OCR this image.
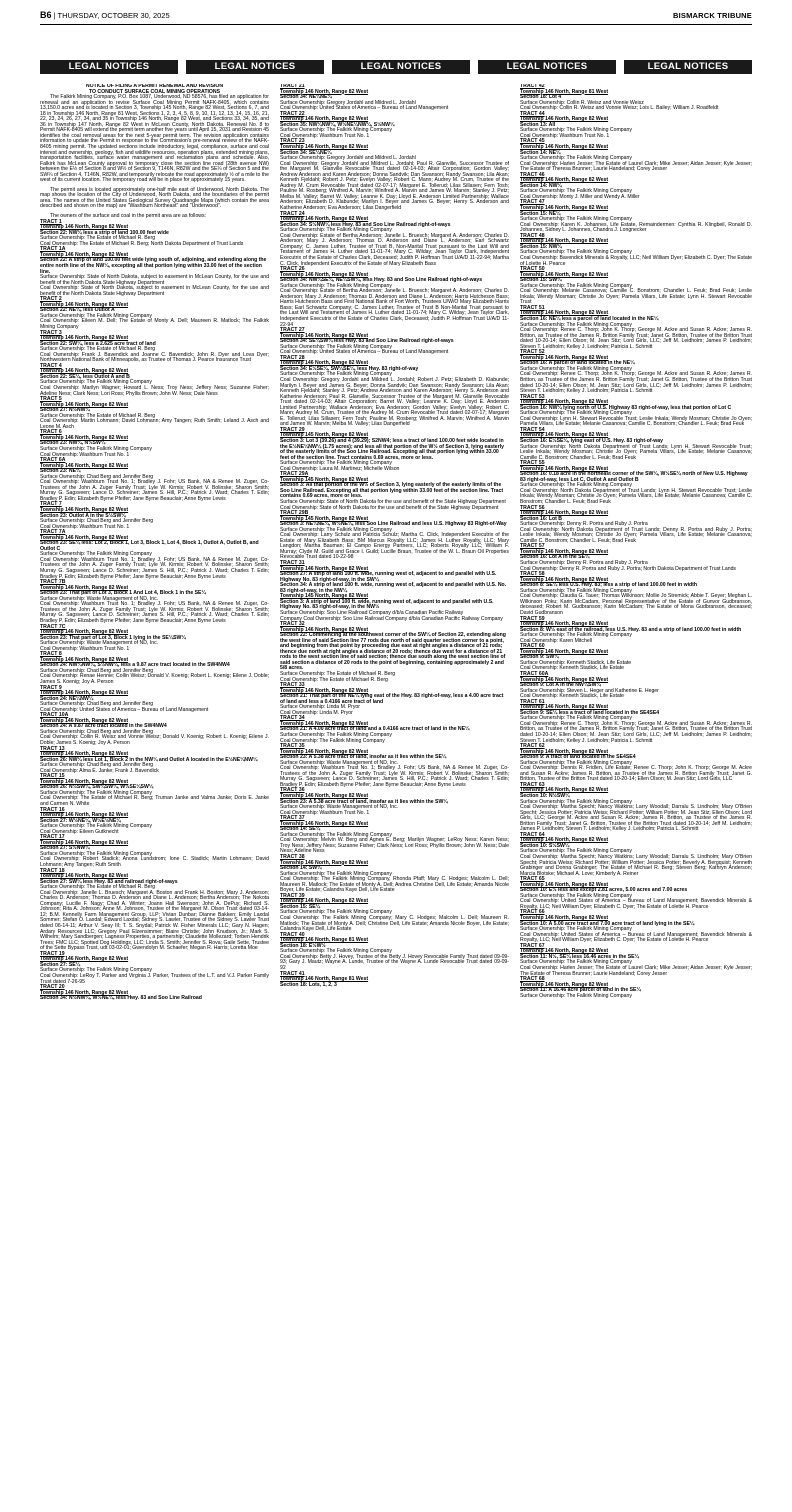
B6 | THURSDAY, OCTOBER 30, 2025	BISMARCK TRIBUNE
LEGAL NOTICES	LEGAL NOTICES	LEGAL NOTICES	LEGAL NOTICES	LEGAL NOTICES

NOTICE OF FILING A PERMIT RENEWAL AND REVISION

TO CONDUCT SURFACE COAL MINING OPERATIONS

The Falkirk Mining Company, P.O. Box 1087, Underwood, ND 58576, has filed an application for renewal and an application to revise Surface Coal Mining Permit NAFK-8405, which contains 13,150.0 acres and is located in Section 3, Township 145 North, Range 82 West, Sections 6, 7, and 18 in Township 146 North, Range 81 West, Sections 1, 2, 3, 4, 5, 8, 9, 10, 11, 12, 13, 14, 15, 16, 21, 22, 23, 24, 26, 27, 34, and 35 in Township 146 North, Range 82 West, and Sections 33, 34, 35, and 36 in Township 147 North, Range 82 West in McLean County, North Dakota. Renewal No. 8 to Permit NAFK-8405 will extend the permit term another five years until April 15, 2031 and Revision 45 identifies the coal removal areas for the next 5-year permit term. The revision application contains information to update the Permit in response to the Commission's pre-renewal review of the NAFK-8405 mining permit. The updated sections include introductory, legal, compliance, surface and coal interest and ownership, geology, fish and wildlife resources, operation plans, extended mining plans, transportation facilities, surface water management and reclamation plans and schedule. Also, Falkirk has McLean County approval to temporary close the section line road (28th avenue NW) between the E½ of Section 8 and W½ of Section 9, T146N, R82W and the SE¼ of Section 5 and the SW¼ of Section 4, T146N, R82W, and temporarily relocate the road approximately ½ of a mile to the west of its current location. The temporary road will be in place for approximately 15 years.

The permit area is located approximately one-half mile east of Underwood, North Dakota. The map shows the location of the City of Underwood, North Dakota, and the boundaries of the permit area. The names of the United States Geological Survey Quadrangle Maps (which contain the area described and shown on the map) are "Washburn Northeast" and "Underwood".

The owners of the surface and coal in the permit area are as follows:

TRACT 1

Township 146 North, Range 82 West

Section 22: NW¼ less a strip of land 100.00 feet wide

Surface Ownership: The Estate of Michael R. Berg

Coal Ownership: The Estate of Michael R. Berg; North Dakota Department of Trust Lands

TRACT 1A

Township 146 North, Range 82 West

Section 22: A strip of land 100.00 feet wide lying south of, adjoining, and extending along the entire north line of the NW¼, excepting all that portion lying within 33.00 feet of the section line.

Surface Ownership: State of North Dakota, subject to easement in McLean County, for the use and benefit of the North Dakota State Highway Department

Coal Ownership: State of North Dakota, subject to easement in McLean County, for the use and benefit of the North Dakota State Highway Department

TRACT 2

Township 146 North, Range 82 West

Section 22: NE¼, less Outlot A

Surface Ownership: The Falkirk Mining Company

Coal Ownership: Eileen M. Dell; The Estate of Monty A. Dell; Maureen R. Matlock; The Falkirk Mining Company

TRACT 3

Township 146 North, Range 82 West

Section 22: SW¼, less a 2.625 acre tract of land

Surface Ownership: The Estate of Michael R. Berg

Coal Ownership: Frank J. Bavendick and Joanne C. Bavendick; John R. Dyer and Lova Dyer; Northwestern National Bank of Minneapolis, as Trustee of Thomas J. Pearce Insurance Trust

TRACT 4

Township 146 North, Range 82 West

Section 22: SE¼, less Outlot A and B

Surface Ownership: The Falkirk Mining Company

Coal Ownership: Marilyn Wagner; Howard L. Ness; Troy Ness; Jeffery Ness; Suzanne Fisher; Adeline Ness; Clark Ness; Lori Ross; Phyllis Brown; John W. Ness; Dale Ness

TRACT 5

Township 146 North, Range 82 West

Section 27: N½NW¼

Surface Ownership: The Estate of Michael R. Berg

Coal Ownership: Martin Lohmann; David Lohmann; Amy Tangen; Ruth Smith; Leland J. Asch and Leone M. Asch

TRACT 6

Township 146 North, Range 82 West

Section 23: NW¼, N½SW¼

Surface Ownership: The Falkirk Mining Company

Coal Ownership: Washburn Trust No. 1

TRACT 6A

Township 146 North, Range 82 West

Section 23: NE¼

Surface Ownership: Chad Berg and Jennifer Berg

Coal Ownership: Washburn Trust No. 1; Bradley J. Fohr; US Bank, NA & Renee M. Zuger, Co-Trustees of the John A. Zuger Family Trust; Lyle W. Kirmis; Robert V. Bolinske; Sharon Smith; Murray G. Sagsveen; Lance D. Schreiner; James S. Hill, P.C.; Patrick J. Ward; Charles T. Edin; Bradley P. Edin; Elizabeth Byrne Pfeifer; Jane Byrne Beauclair; Anne Byrne Lewis

TRACT 7

Township 146 North, Range 82 West

Section 23: Outlot A in the S½SW¼

Surface Ownership: Chad Berg and Jennifer Berg

Coal Ownership: Washburn Trust No. 1

TRACT 7A

Township 146 North, Range 82 West

Section 23: SE¼ less: Lot 2, Block 1, Lot 3, Block 1, Lot 4, Block 1, Outlot A, Outlot B, and Outlot C

Surface Ownership: The Falkirk Mining Company

Coal Ownership: Washburn Trust No. 1; Bradley J. Fohr; US Bank, NA & Renee M. Zuger, Co-Trustees of the John A. Zuger Family Trust; Lyle W. Kirmis; Robert V. Bolinske; Sharon Smith; Murray G. Sagsveen; Lance D. Schreiner; James S. Hill, P.C.; Patrick J. Ward; Charles T. Edin; Bradley P. Edin; Elizabeth Byrne Pfeifer; Jane Byrne Beauclair; Anne Byrne Lewis

TRACT 7B

Township 146 North, Range 82 West

Section 23: That part of Lot 3, Block 1 And Lot 4, Block 1 in the SE¼

Surface Ownership: Waste Management of ND, Inc.

Coal Ownership: Washburn Trust No. 1; Bradley J. Fohr; US Bank, NA & Renee M. Zuger, Co-Trustees of the John A. Zuger Family Trust; Lyle W. Kirmis; Robert V. Bolinske; Sharon Smith; Murray G. Sagsveen; Lance D. Schreiner; James S. Hill, P.C.; Patrick J. Ward; Charles T. Edin; Bradley P. Edin; Elizabeth Byrne Pfeifer; Jane Byrne Beauclair; Anne Byrne Lewis

TRACT 7C

Township 146 North, Range 82 West

Section 23: That part of Lot 3, Block 1 lying in the SE¼SW¼

Surface Ownership: Waste Management of ND, Inc.

Coal Ownership: Washburn Trust No. 1

TRACT 8

Township 146 North, Range 82 West

Section 24: NW¼NW¼, S½NW¼, less a 9.87 acre tract located in the SW4NW4

Surface Ownership: Chad Berg and Jennifer Berg

Coal Ownership: Renae Hennie; Collin Weisz; Donald V. Koenig; Robert L. Koenig; Eilene J. Doble; James S. Koenig; Joy A. Person

TRACT 9

Township 146 North, Range 82 West

Section 24: NE¼NW¼

Surface Ownership: Chad Berg and Jennifer Berg

Coal Ownership: United States of America – Bureau of Land Management

TRACT 10A

Township 146 North, Range 82 West

Section 24: A 9.87 acre tract located in the SW4NW4

Surface Ownership: Chad Berg and Jennifer Berg

Coal Ownership: Collin R. Weisz and Vonnie Weisz; Donald V. Koenig; Robert L. Koenig; Eilene J. Doble; James S. Koenig; Joy A. Person

TRACT 13

Township 146 North, Range 82 West

Section 26: NW¼ less Lot 1, Block 2 in the NW¼ and Outlot A located in the E½NE¼NW¼

Surface Ownership: Chad Berg and Jennifer Berg

Coal Ownership: Alma E. Janke; Frank J. Bavendick

TRACT 15

Township 146 North, Range 82 West

Section 26: N½SW¼, SW¼SW¼, W½SE¼SW¼

Surface Ownership: The Falkirk Mining Company

Coal Ownership: The Estate of Michael R. Berg; Truman Janke and Valma Janke; Doris E. Janke and Carmen N. White

TRACT 16

Township 146 North, Range 82 West

Section 27: W½NE¼, W½E½NE¼

Surface Ownership: The Falkirk Mining Company

Coal Ownership: Eileen Gutknecht

TRACT 17

Township 146 North, Range 82 West

Section 27: S½NW¼

Surface Ownership: The Falkirk Mining Company

Coal Ownership: Robert Stadick; Anona Lundstrom; Ione C. Stadick; Martin Lohmann; David Lohmann; Amy Tangen; Ruth Smith

TRACT 18

Township 146 North, Range 82 West

Section 27: SW¼ less Hwy. 83 and railroad right-of-ways

Surface Ownership: The Estate of Michael R. Berg

Coal Ownership: Janelle L. Bruesch; Margaret A. Boston and Frank H. Boston; Mary J. Anderson; Charles D. Anderson; Thomas D. Anderson and Diane L. Anderson; Bertha Anderson; The Nokota Company; Lucille F. Nagy; Chad A. Winter; Joann Hall Swenson; John A. DePuy; Richard S. Johnson; Rita A. Johnson; Anne M. Johnson, Trustee of the Margaret M. Olson Trust dated 03-14-12; B.M. Kennelly Farm Management Group, LLP; Vivian Dunbar; Dianne Bakken; Emily Laxdal Sommer; Stefan O. Laxdal; Edward Laxdal; Sidney S. Lawler, Trustee of the Sidney S. Lawler Trust dated 06-14-11; Arthur V. Seay III; T. S. Snydal; Patrick W. Fisher Minerals LLC; Gary N. Hagen; Ardary Resources LLC; Gregory Paul Elzensimmer; Blaire Christie; John Knudson, Jr.; Mark S. Wilhelm; Mary Sandbergen; Lagness Properties, a partnership; Claudette Mollezard; Torben Hendrik Trees; FMC LLC; Spotted Dog Holdings, LLC; Linda S. Smith; Jennifer S. Rova; Gaile Sette, Trustee of the Sette Bypass Trust, udt 03-02-01; Gwendolyn M. Schaefer; Megan R. Harris; Loretta Moe

TRACT 19

Township 146 North, Range 82 West

Section 27: SE¼

Surface Ownership: The Falkirk Mining Company

Coal Ownership: LeRoy T. Parker and Virginia J. Parker, Trustees of the L.T. and V.J. Parker Family Trust dated 7-26-95

TRACT 20

Township 146 North, Range 82 West

Section 34: N½NW¼, W½NE¼, less Hwy. 83 and Soo Line Railroad

TRACT 21

Township 146 North, Range 82 West

Section 34: NE¼NE¼

Surface Ownership: Gregory Jordahl and Mildred L. Jordahl

Coal Ownership: United States of America – Bureau of Land Management

TRACT 22

Township 146 North, Range 82 West

Section 35: NW¼NW¼, W½NE¼NW¼, S½NW¼

Surface Ownership: The Falkirk Mining Company

Coal Ownership: Washburn Trust No. 1

TRACT 23

Township 146 North, Range 82 West

Section 34: SE¼NE¼

Surface Ownership: Gregory Jordahl and Mildred L. Jordahl

Coal Ownership: Gregory Jordahl and Mildred L. Jordahl; Paul R. Glanville, Successor Trustee of the Margaret M. Glanville Revocable Trust dated 02-14-03; Altair Corporation; Gordon Valley; Andrew Anderson and Karen Anderson; Donna Sandvik; Dan Swanson; Randy Swanson; Lila Akan; Kenneth Fjeldahl; Robert J. Petz; Evelyn Valley; Robert C. Mann; Audrey M. Crum, Trustee of the Audrey M. Crum Revocable Trust dated 02-07-17; Margaret E. Tollerud; Lilas Sillasen; Fern Tosh; Pauline M. Rosberg; Winifred A. Marvin; Winifred A. Marvin and James W. Marvin; Stanley J. Petz; Melba M. Valley; Barret W. Valley; Leanne K. Day; Lloyd E. Anderson Limited Partnership; Wallace Anderson; Elizabeth D. Klabunde; Marilyn I. Beyer and James G. Beyer; Henry S. Anderson and Katherine Anderson; Eva Anderson; Lilas Dangerfield

TRACT 24

Township 146 North, Range 82 West

Section 34: S½NW¼ less Hwy. 83 and Soo Line Railroad right-of-ways

Surface Ownership: The Falkirk Mining Company

Coal Ownership: Estate of Bertha Anderson; Janelle L. Bruesch; Margaret A. Anderson; Charles D. Anderson; Mary J. Anderson; Thomas D. Anderson and Diane L. Anderson; Earl Schwartz Company; C. James Luther, Trustee of Trust B, Non-Marital Trust pursuant to the Last Will and Testament of James H. Luther dated 11-01-74; Mary C. Wilday; Jean Taylor Clark, Independent Executrix of the Estate of Charles Clark, Deceased; Judith P. Hoffman Trust U/A/D 11-22-94; Martha C. Click, Independent Executrix of the Estate of Mary Elizabeth Bass

TRACT 26

Township 146 North, Range 82 West

Section 34: NW¼SE¼, NE¼SW¼, less Hwy. 83 and Soo Line Railroad right-of-ways

Surface Ownership: The Falkirk Mining Company

Coal Ownership: Estate of Bertha Anderson; Janelle L. Bruesch; Margaret A. Anderson; Charles D. Anderson; Mary J. Anderson; Thomas D. Anderson and Diane L. Anderson; Harris Hutcheson Bass; Harris Hutcheson Bass and First National Bank of Fort Worth, Trustees U/W/O Mary Elizabeth Harris Bass; Earl Schwartz Company; C. James Luther, Trustee of Trust B Non-Marital Trust pursuant to the Last Will and Testament of James H. Luther dated 11-01-74; Mary C. Wilday; Jean Taylor Clark, Independent Executrix of the Estate of Charles Clark, Deceased; Judith P. Hoffman Trust U/A/D 11-22-94

TRACT 27

Township 146 North, Range 82 West

Section 34: SE¼SW¼ less Hwy. 83 and Soo Line Railroad right-of-ways

Surface Ownership: The Falkirk Mining Company

Coal Ownership: United States of America – Bureau of Land Management

TRACT 28

Township 146 North, Range 82 West

Section 34: E½SE¼, SW¼SE¼, less Hwy. 83 right-of-way

Surface Ownership: The Falkirk Mining Company

Coal Ownership: Gregory Jordahl and Mildred L. Jordahl; Robert J. Petz; Elizabeth D. Klabunde; Marilyn I. Beyer and James G. Beyer; Donna Sandvik; Dan Swanson; Randy Swanson; Lila Akan; Kenneth Fjeldahl; Stanley J. Petz; Andrew Anderson and Karen Anderson; Henry S. Anderson and Katherine Anderson; Paul R. Glanville, Successor Trustee of the Margaret M. Glanville Revocable Trust dated 02-14-03; Altair Corporation; Barret W. Valley; Leanne K. Day; Lloyd E. Anderson Limited Partnership; Wallace Anderson; Eva Anderson; Gordon Valley; Evelyn Valley; Robert C. Mann; Audrey M. Crum, Trustee of the Audrey M. Crum Revocable Trust dated 02-07-17; Margaret E. Tollerud; Lilas Sillasen; Fern Tosh; Pauline M. Rosberg; Winifred A. Marvin; Winifred A. Marvin and James W. Marvin; Melba M. Valley; Lilas Dangerfield

TRACT 29

Township 145 North, Range 82 West

Section 3: Lot 3 (39.26) and 4 (39.29); S2NW4; less a tract of land 100.00 feet wide located in the E½NE¼NW¼ (1.75 acres); and less all that portion of the W½ of Section 3, lying easterly of the easterly limits of the Soo Line Railroad. Excepting all that portion lying within 33.00 feet of the section line. Tract contains 0.69 acres, more or less.

Surface Ownership: The Falkirk Mining Company

Coal Ownership: Laura M. Martinez; Michelle Wilson

TRACT 29A

Township 145 North, Range 82 West

Section 3: All that portion of the W½ of Section 3, lying easterly of the easterly limits of the Soo Line Railroad. Excepting all that portion lying within 33.00 feet of the section line. Tract contains 0.69 acres, more or less.

Surface Ownership: State of North Dakota for the use and benefit of the State Highway Department

Coal Ownership: State of North Dakota for the use and benefit of the State Highway Department

TRACT 29B

Township 145 North, Range 82 West

Section 3: NE¼NE¼, W½NE¼, less Soo Line Railroad and less U.S. Highway 83 Right-of-Way

Surface Ownership: The Falkirk Mining Company

Coal Ownership: Larry Schulz and Patricia Schulz; Martha C. Click, Independent Executrix of the Estate of Mary Elizabeth Bass; BM Marcus Royalty LLC; James H. Luther Royalty, LLC; Mary Langdon; Martha Bauman; El Campo Energy Partners, LLC; Roberts Royalty LLC; William F. Murray; Clyde M. Guild and Grace I. Guild; Lucille Braun, Trustee of the W. L. Braun Oil Properties Revocable Trust dated 10-22-98

TRACT 31

Township 146 North, Range 82 West

Section 27: A strip of land 100 ft. wide, running west of, adjacent to and parallel with U.S. Highway No. 83 right-of-way, in the SW¼

Section 34: A strip of land 100 ft. wide, running west of, adjacent to and parallel with U.S. No. 83 right-of-way, in the NW¼

Township 145 North, Range 82 West

Section 3: A strip of land 100 ft. wide, running west of, adjacent to and parallel with U.S. Highway No. 83 right-of-way, in the NW½

Surface Ownership: Soo Line Railroad Company d/b/a Canadian Pacific Railway

Company Coal Ownership: Soo Line Railroad Company d/b/a Canadian Pacific Railway Company

TRACT 32

Township 146 North, Range 82 West

Section 22: Commencing at the southwest corner of the SW¼ of Section 22, extending along the west line of said Section line 77 rods due north of said quarter section corner to a point, and beginning from that point by proceeding due east at right angles a distance of 21 rods; thence due north at right angles a distance of 20 rods; thence due west for a distance of 21 rods to the west section line of said section; thence due south along the west section line of said section a distance of 20 rods to the point of beginning, containing approximately 2 and 5/8 acres.

Surface Ownership: The Estate of Michael R. Berg

Coal Ownership: The Estate of Michael R. Berg

TRACT 33

Township 146 North, Range 82 West

Section 21: That part of the NE¼ lying east of the Hwy. 83 right-of-way, less a 4.00 acre tract of land and less a 0.4166 acre tract of land

Surface Ownership: Linda M. Pryor

Coal Ownership: Linda M. Pryor

TRACT 34

Township 146 North, Range 82 West

Section 21: A 4.00 acre tract of land and a 0.4166 acre tract of land in the NE¼

Surface Ownership: The Falkirk Mining Company

Coal Ownership: The Falkirk Mining Company

TRACT 35

Township 146 North, Range 82 West

Section 23: A 5.38 acre tract of land, insofar as it lies within the SE¼

Surface Ownership: Waste Management of ND, Inc.

Coal Ownership: Washburn Trust No. 1; Bradley J. Fohr; US Bank, NA & Renee M. Zuger, Co-Trustees of the John A. Zuger Family Trust; Lyle W. Kirmis; Robert V. Bolinske; Sharon Smith; Murray G. Sagsveen; Lance D. Schreiner; James S. Hill, P.C.; Patrick J. Ward; Charles T. Edin; Bradley P. Edin; Elizabeth Byrne Pfeifer; Jane Byrne Beauclair; Anne Byrne Lewis

TRACT 36

Township 146 North, Range 82 West

Section 23: A 5.38 acre tract of land, insofar as it lies within the SW¼

Surface Ownership: Waste Management of ND, Inc.

Coal Ownership: Washburn Trust No. 1

TRACT 37

Township 146 North, Range 82 West

Section 14: SE¼

Surface Ownership: The Falkirk Mining Company

Coal Ownership: Melvin W. Berg and Agnes E. Berg; Marilyn Wagner; LeRoy Ness; Karen Ness; Troy Ness; Jeffery Ness; Suzanne Fisher; Clark Ness; Lori Ross; Phyllis Brown; John W. Ness; Dale Ness; Adeline Ness

TRACT 38

Township 146 North, Range 82 West

Section 14: SW¼

Surface Ownership: The Falkirk Mining Company

Coal Ownership: The Falkirk Mining Company, Rhonda Pfaff; Mary C. Hodges; Malcolm L. Dell; Maureen R. Matlock; The Estate of Monty A. Dell; Andrea Christine Dell, Life Estate; Amanda Nicole Boyer, Life Estate; Calandra Kaye Dell, Life Estate

TRACT 39

Township 146 North, Range 82 West

Section 15: SE¼

Surface Ownership: The Falkirk Mining Company

Coal Ownership: The Falkirk Mining Company; Mary C. Hodges; Malcolm L. Dell; Maureen R. Matlock; The Estate of Monty A. Dell; Christine Dell, Life Estate; Amanda Nicole Boyer, Life Estate; Calandra Kaye Dell, Life Estate

TRACT 40

Township 146 North, Range 81 West

Section 18: E½W½

Surface Ownership: The Falkirk Mining Company

Coal Ownership: Betty J. Hovey, Trustee of the Betty J. Hovey Revocable Family Trust dated 09-09-93; Gary J. Mautz; Wayne A. Lunde, Trustee of the Wayne A. Lunde Revocable Trust dated 09-09-92

TRACT 41

Township 146 North, Range 81 West

Section 18: Lots, 1, 2, 3

TRACT 42

Township 146 North, Range 81 West

Section 18: Lot 4

Surface Ownership: Collin R. Weisz and Vonnie Weisz

Coal Ownership: Collin R. Weisz and Vonnie Weisz; Lois L. Bailey; William J. Roadfeldt

TRACT 44

Township 146 North, Range 82 West

Section 13: All

Surface Ownership: The Falkirk Mining Company

Coal Ownership: Washburn Trust No. 1

TRACT 45

Township 146 North, Range 82 West

Section 14: NE¼

Surface Ownership: The Falkirk Mining Company

Coal Ownership: Harlen Jesser; The Estate of Laurel Clark; Mike Jesser; Aidan Jesser; Kyle Jesser; The Estate of Theresa Brunner; Laurie Handeland; Corey Jesser

TRACT 46

Township 146 North, Range 82 West

Section 14: NW¼

Surface Ownership: The Falkirk Mining Company

Coal Ownership: Monty J. Miller and Wendy A. Miller

TRACT 47

Township 146 North, Range 82 West

Section 15: NE¼

Surface Ownership: The Falkirk Mining Company

Coal Ownership: Karen K. Johannes, Life Estate, Remaindermen: Cynthia R. Klingbeil, Ronald D. Johannes, Sidney L. Johannes, Chandra J. Longnecker

TRACT 48

Township 146 North, Range 82 West

Section 15: NW¼

Surface Ownership: The Falkirk Mining Company

Coal Ownership: Bavendick Minerals & Royalty, LLC; Neil William Dyer; Elizabeth C. Dyer; The Estate of Lolette H. Pearce

TRACT 50

Township 146 North, Range 82 West

Section 15: SW¼

Surface Ownership: The Falkirk Mining Company

Coal Ownership: Melanie Casanova; Camille C. Bonstrom; Chandler L. Feuk; Brad Feuk; Leslie Inkala; Wendy Mosman; Christie Jo Oyen; Pamela Villars, Life Estate; Lynn H. Stewart Revocable Trust

TRACT 51

Township 146 North, Range 82 West

Section 16: NE¼ less a parcel of land located in the NE¼

Surface Ownership: The Falkirk Mining Company

Coal Ownership: Renee C. Thorp; John K. Thorp; George M. Ackre and Susan R. Ackre; James R. Britton, as Trustee of the James R. Britton Family Trust; Janet G. Britton, Trustee of the Britton Trust dated 10-20-14; Ellen Olson; M. Jean Stiz; Lord Girls, LLC; Jeff M. Leidholm; James P. Leidholm; Steven T. Leidholm; Kelley J. Leidholm; Patricia L. Schmitt

TRACT 52

Township 146 North, Range 82 West

Section 16: A parcel of land located in the NE¼

Surface Ownership: The Falkirk Mining Company

Coal Ownership: Renee C. Thorp; John K. Thorp; George M. Ackre and Susan R. Ackre; James R. Britton, as Trustee of the James R. Britton Family Trust; Janet G. Britton, Trustee of the Britton Trust dated 10-20-14; Ellen Olson; M. Jean Stiz; Lord Girls, LLC; Jeff M. Leidholm; James P. Leidholm; Steven T. Leidholm; Kelley J. Leidholm; Patricia L. Schmitt

TRACT 53

Township 146 North, Range 82 West

Section 16: NW¼ lying north of U.S. Highway 83 right-of-way, less that portion of Lot C

Surface Ownership: The Falkirk Mining Company

Coal Ownership: Lynn H. Stewart Revocable Trust; Leslie Inkala; Wendy Mosman; Christie Jo Oyen; Pamela Villars, Life Estate; Melanie Casanova; Camille C. Bonstrom; Chandler L. Feuk; Brad Feuk

TRACT 54

Township 146 North, Range 82 West

Section 16: E½SE¼, lying east of U.S. Hwy. 83 right-of-way

Surface Ownership: North Dakota Department of Trust Lands; Lynn H. Stewart Revocable Trust; Leslie Inkala; Wendy Mosman; Christie Jo Oyen; Pamela Villars, Life Estate; Melanie Casanova; Camille C. Bonstrom; Chandler L. Feuk; Brad Feuk

TRACT 55

Township 146 North, Range 82 West

Section 16: 0.18 acre in the northeast corner of the SW¼, W½SE¼ north of New U.S. Highway 83 right-of-way, less Lot C, Outlot A and Outlot B

Surface Ownership: The Falkirk Mining Company

Coal Ownership: North Dakota Department of Trust Lands; Lynn H. Stewart Revocable Trust; Leslie Inkala; Wendy Mosman; Christie Jo Oyen; Pamela Villars, Life Estate; Melanie Casanova; Camille C. Bonstrom; Chandler L. Feuk; Brad Feuk

TRACT 56

Township 146 North, Range 82 West

Section 16: Lot B

Surface Ownership: Denny R. Portra and Ruby J. Portra

Coal Ownership: North Dakota Department of Trust Lands; Denny R. Portra and Ruby J. Portra; Leslie Inkala; Wendy Mosman; Christie Jo Oyen; Pamela Villars, Life Estate; Melanie Casanova; Camille C. Bonstrom; Chandler L. Feuk; Brad Feuk

TRACT 57

Township 146 North, Range 82 West

Section 16: Lot A in the SE¼

Surface Ownership: Denny R. Portra and Ruby J. Portra

Coal Ownership: Denny R. Portra and Ruby J. Portra; North Dakota Department of Trust Lands

TRACT 58

Township 146 North, Range 82 West

Section 8: SE¼ less U.S. Hwy. 83; less a strip of land 100.00 feet in width

Surface Ownership: The Falkirk Mining Company

Coal Ownership: Claudia G. Tauer; Thomas Wilkinson; Mollie Jo Stremick; Abbie T. Geyer; Meghan L. Wilkinson Poku; Karin McCadam, Personal Representative of the Estate of Gunvor Gudbranson, deceased; Robert M. Gudbranson; Karin McCadam; The Estate of Mona Gudbranson, deceased; David Gudbranson

TRACT 59

Township 146 North, Range 82 West

Section 8: W½ east of the railroad, less U.S. Hwy. 83 and a strip of land 100.00 feet in width

Surface Ownership: The Falkirk Mining Company

Coal Ownership: Karen Mitchell

TRACT 60

Township 146 North, Range 82 West

Section 9: SW¼

Surface Ownership: Kenneth Stadick, Life Estate

Coal Ownership: Kenneth Stadick, Life Estate

TRACT 60A

Township 146 North, Range 82 West

Section 9: Lot A in the NW¼SW¼

Surface Ownership: Steven L. Heger and Katherine E. Heger

Coal Ownership: Kenneth Stadick, Life Estate

TRACT 61

Township 146 North, Range 82 West

Section 9: SE¼ less a tract of land located in the SE4SE4

Surface Ownership: The Falkirk Mining Company

Coal Ownership: Renee C. Thorp; John K. Thorp; George M. Ackre and Susan R. Ackre; James R. Britton, as Trustee of the James R. Britton Family Trust; Janet G. Britton, Trustee of the Britton Trust dated 10-20-14; Ellen Olson; M. Jean Stiz; Lord Girls, LLC; Jeff M. Leidholm; James P. Leidholm; Steven T. Leidholm; Kelley J. Leidholm; Patricia L. Schmitt

TRACT 62

Township 146 North, Range 82 West

Section 9: A tract of land located in the SE4SE4

Surface Ownership: The Falkirk Mining Company

Coal Ownership: Dennis R. Fridlen, Life Estate; Renee C. Thorp; John K. Thorp; George M. Ackre and Susan R. Ackre; James R. Britton, as Trustee of the James R. Britton Family Trust; Janet G. Britton, Trustee of the Britton Trust dated 10-20-14; Ellen Olson; M. Jean Stiz; Lord Girls, LLC

TRACT 63

Township 146 North, Range 82 West

Section 10: N½SW¼

Surface Ownership: The Falkirk Mining Company

Coal Ownership: Martha Specht; Nancy Watkins; Larry Woodall; Darralu S. Lindholm; Mary O'Brien Specht; Jessica Potter; Patricia Weiss; Richard Potter; William Potter; M. Jean Stiz; Ellen Olson; Lord Girls, LLC; George M. Ackre and Susan R. Ackre; James R. Britton, as Trustee of the James R. Britton Family Trust; Janet G. Britton, Trustee of the Britton Trust dated 10-20-14; Jeff M. Leidholm; James P. Leidholm; Steven T. Leidholm; Kelley J. Leidholm; Patricia L. Schmitt

TRACT 64

Township 146 North, Range 82 West

Section 10: S½SW¼

Surface Ownership: The Falkirk Mining Company

Coal Ownership: Martha Specht; Nancy Watkins; Larry Woodall; Darralu S. Lindholm; Mary O'Brien Specht; Patricia Weiss; Richard Potter; William Potter; Jessica Potter; Beverly A. Bergquist; Kenneth Grabinger and Donna Grabinger; The Estate of Michael R. Berg; Steven Berg; Kathryn Anderson; Marcia Blotske; Michael A. Love; Kimberly A. Reiner

TRACT 65

Township 146 North, Range 82 West

Section 10: E½ less and except 2.81 acres, 5.00 acres and 7.00 acres

Surface Ownership: The Falkirk Mining Company

Coal Ownership: United States of America – Bureau of Land Management; Bavendick Minerals & Royalty, LLC; Neil William Dyer; Elizabeth C. Dyer; The Estate of Lolette H. Pearce

TRACT 66

Township 146 North, Range 82 West

Section 10: A 5.00 acre tract and 7.00 acre tract of land lying in the SE¼

Surface Ownership: The Falkirk Mining Company

Coal Ownership: United States of America – Bureau of Land Management; Bavendick Minerals & Royalty, LLC; Neil William Dyer; Elizabeth C. Dyer; The Estate of Lolette H. Pearce

TRACT 67

Township 146 North, Range 82 West

Section 11: N½, SE¼ less 16.46 acres in the SE¼

Surface Ownership: The Falkirk Mining Company

Coal Ownership: Harlen Jesser; The Estate of Laurel Clark; Mike Jesser; Aidan Jesser; Kyle Jesser; The Estate of Theresa Brunner; Laurie Handeland; Corey Jesser

TRACT 68

Township 146 North, Range 82 West

Section 11: A 16.46 acre parcel of land in the SE¼

Surface Ownership: The Falkirk Mining Company
